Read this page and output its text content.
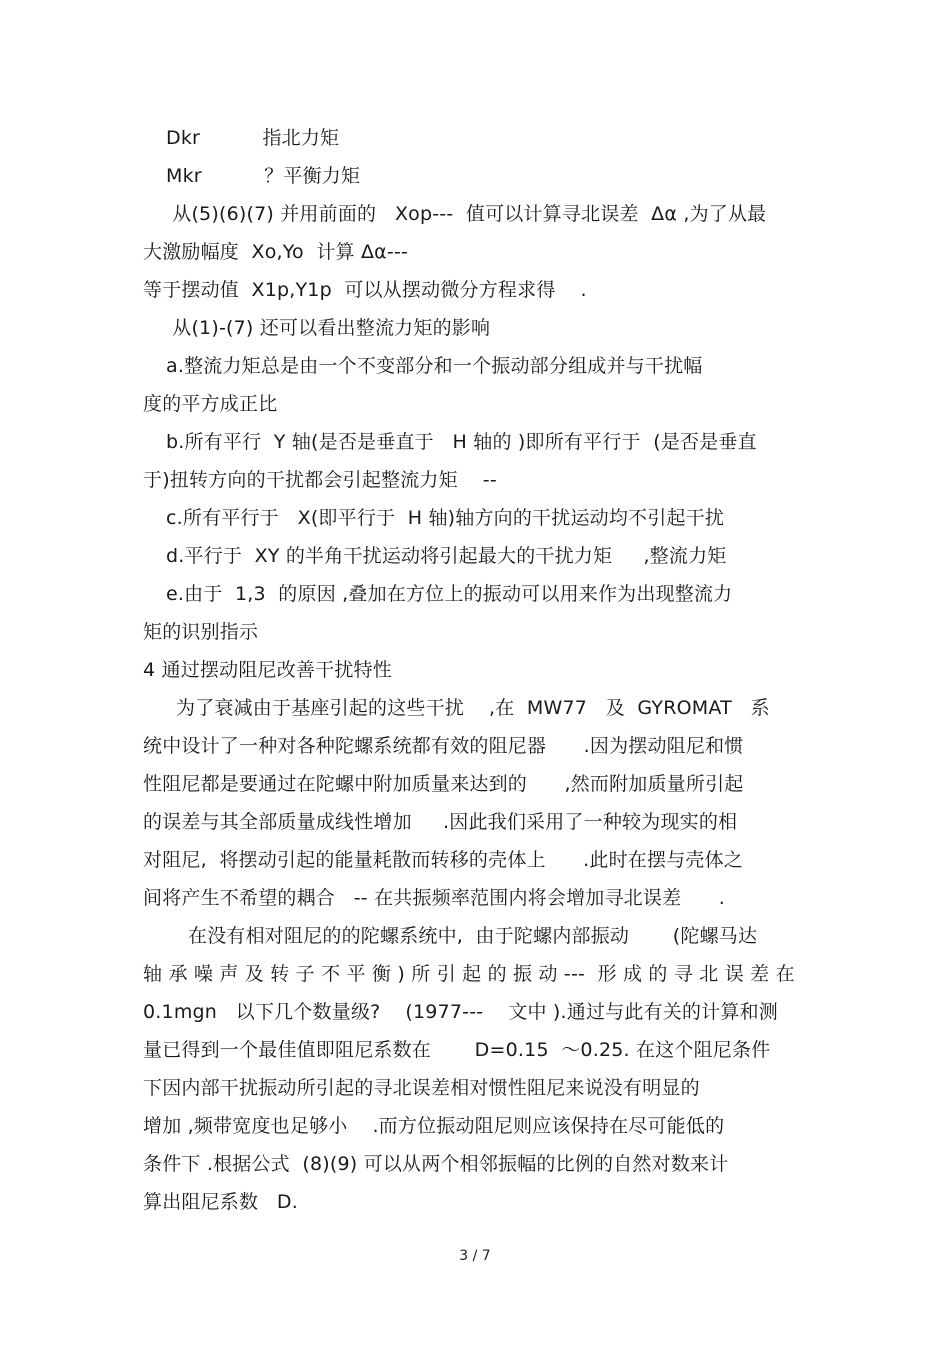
Dkr          指北力矩
Mkr          ？平衡力矩
从(5)(6)(7) 并用前面的   Xop---  值可以计算寻北误差  Δα ,为了从最
大激励幅度  Xo,Yo  计算 Δα---
等于摆动值  X1p,Y1p  可以从摆动微分方程求得    .
从(1)-(7) 还可以看出整流力矩的影响
a.整流力矩总是由一个不变部分和一个振动部分组成并与干扰幅
度的平方成正比
b.所有平行  Y 轴(是否是垂直于   H 轴的 )即所有平行于  (是否是垂直
于)扭转方向的干扰都会引起整流力矩    --
c.所有平行于   X(即平行于  H 轴)轴方向的干扰运动均不引起干扰
d.平行于  XY 的半角干扰运动将引起最大的干扰力矩     ,整流力矩
e.由于  1,3  的原因 ,叠加在方位上的振动可以用来作为出现整流力
矩的识别指示
4 通过摆动阻尼改善干扰特性
为了衰减由于基座引起的这些干扰    ,在  MW77   及  GYROMAT   系
统中设计了一种对各种陀螺系统都有效的阻尼器      .因为摆动阻尼和惯
性阻尼都是要通过在陀螺中附加质量来达到的      ,然而附加质量所引起
的误差与其全部质量成线性增加     .因此我们采用了一种较为现实的相
对阻尼,  将摆动引起的能量耗散而转移的壳体上      .此时在摆与壳体之
间将产生不希望的耦合   -- 在共振频率范围内将会增加寻北误差      .
在没有相对阻尼的的陀螺系统中,  由于陀螺内部振动       (陀螺马达
轴 承 噪 声 及 转 子 不 平 衡 ) 所 引 起 的 振 动 ---  形 成 的 寻 北 误 差 在
0.1mgn   以下几个数量级?    (1977---    文中 ).通过与此有关的计算和测
量已得到一个最佳值即阻尼系数在       D=0.15  ～0.25. 在这个阻尼条件
下因内部干扰振动所引起的寻北误差相对惯性阻尼来说没有明显的
增加 ,频带宽度也足够小    .而方位振动阻尼则应该保持在尽可能低的
条件下 .根据公式  (8)(9) 可以从两个相邻振幅的比例的自然对数来计
算出阻尼系数   D.
3 / 7
